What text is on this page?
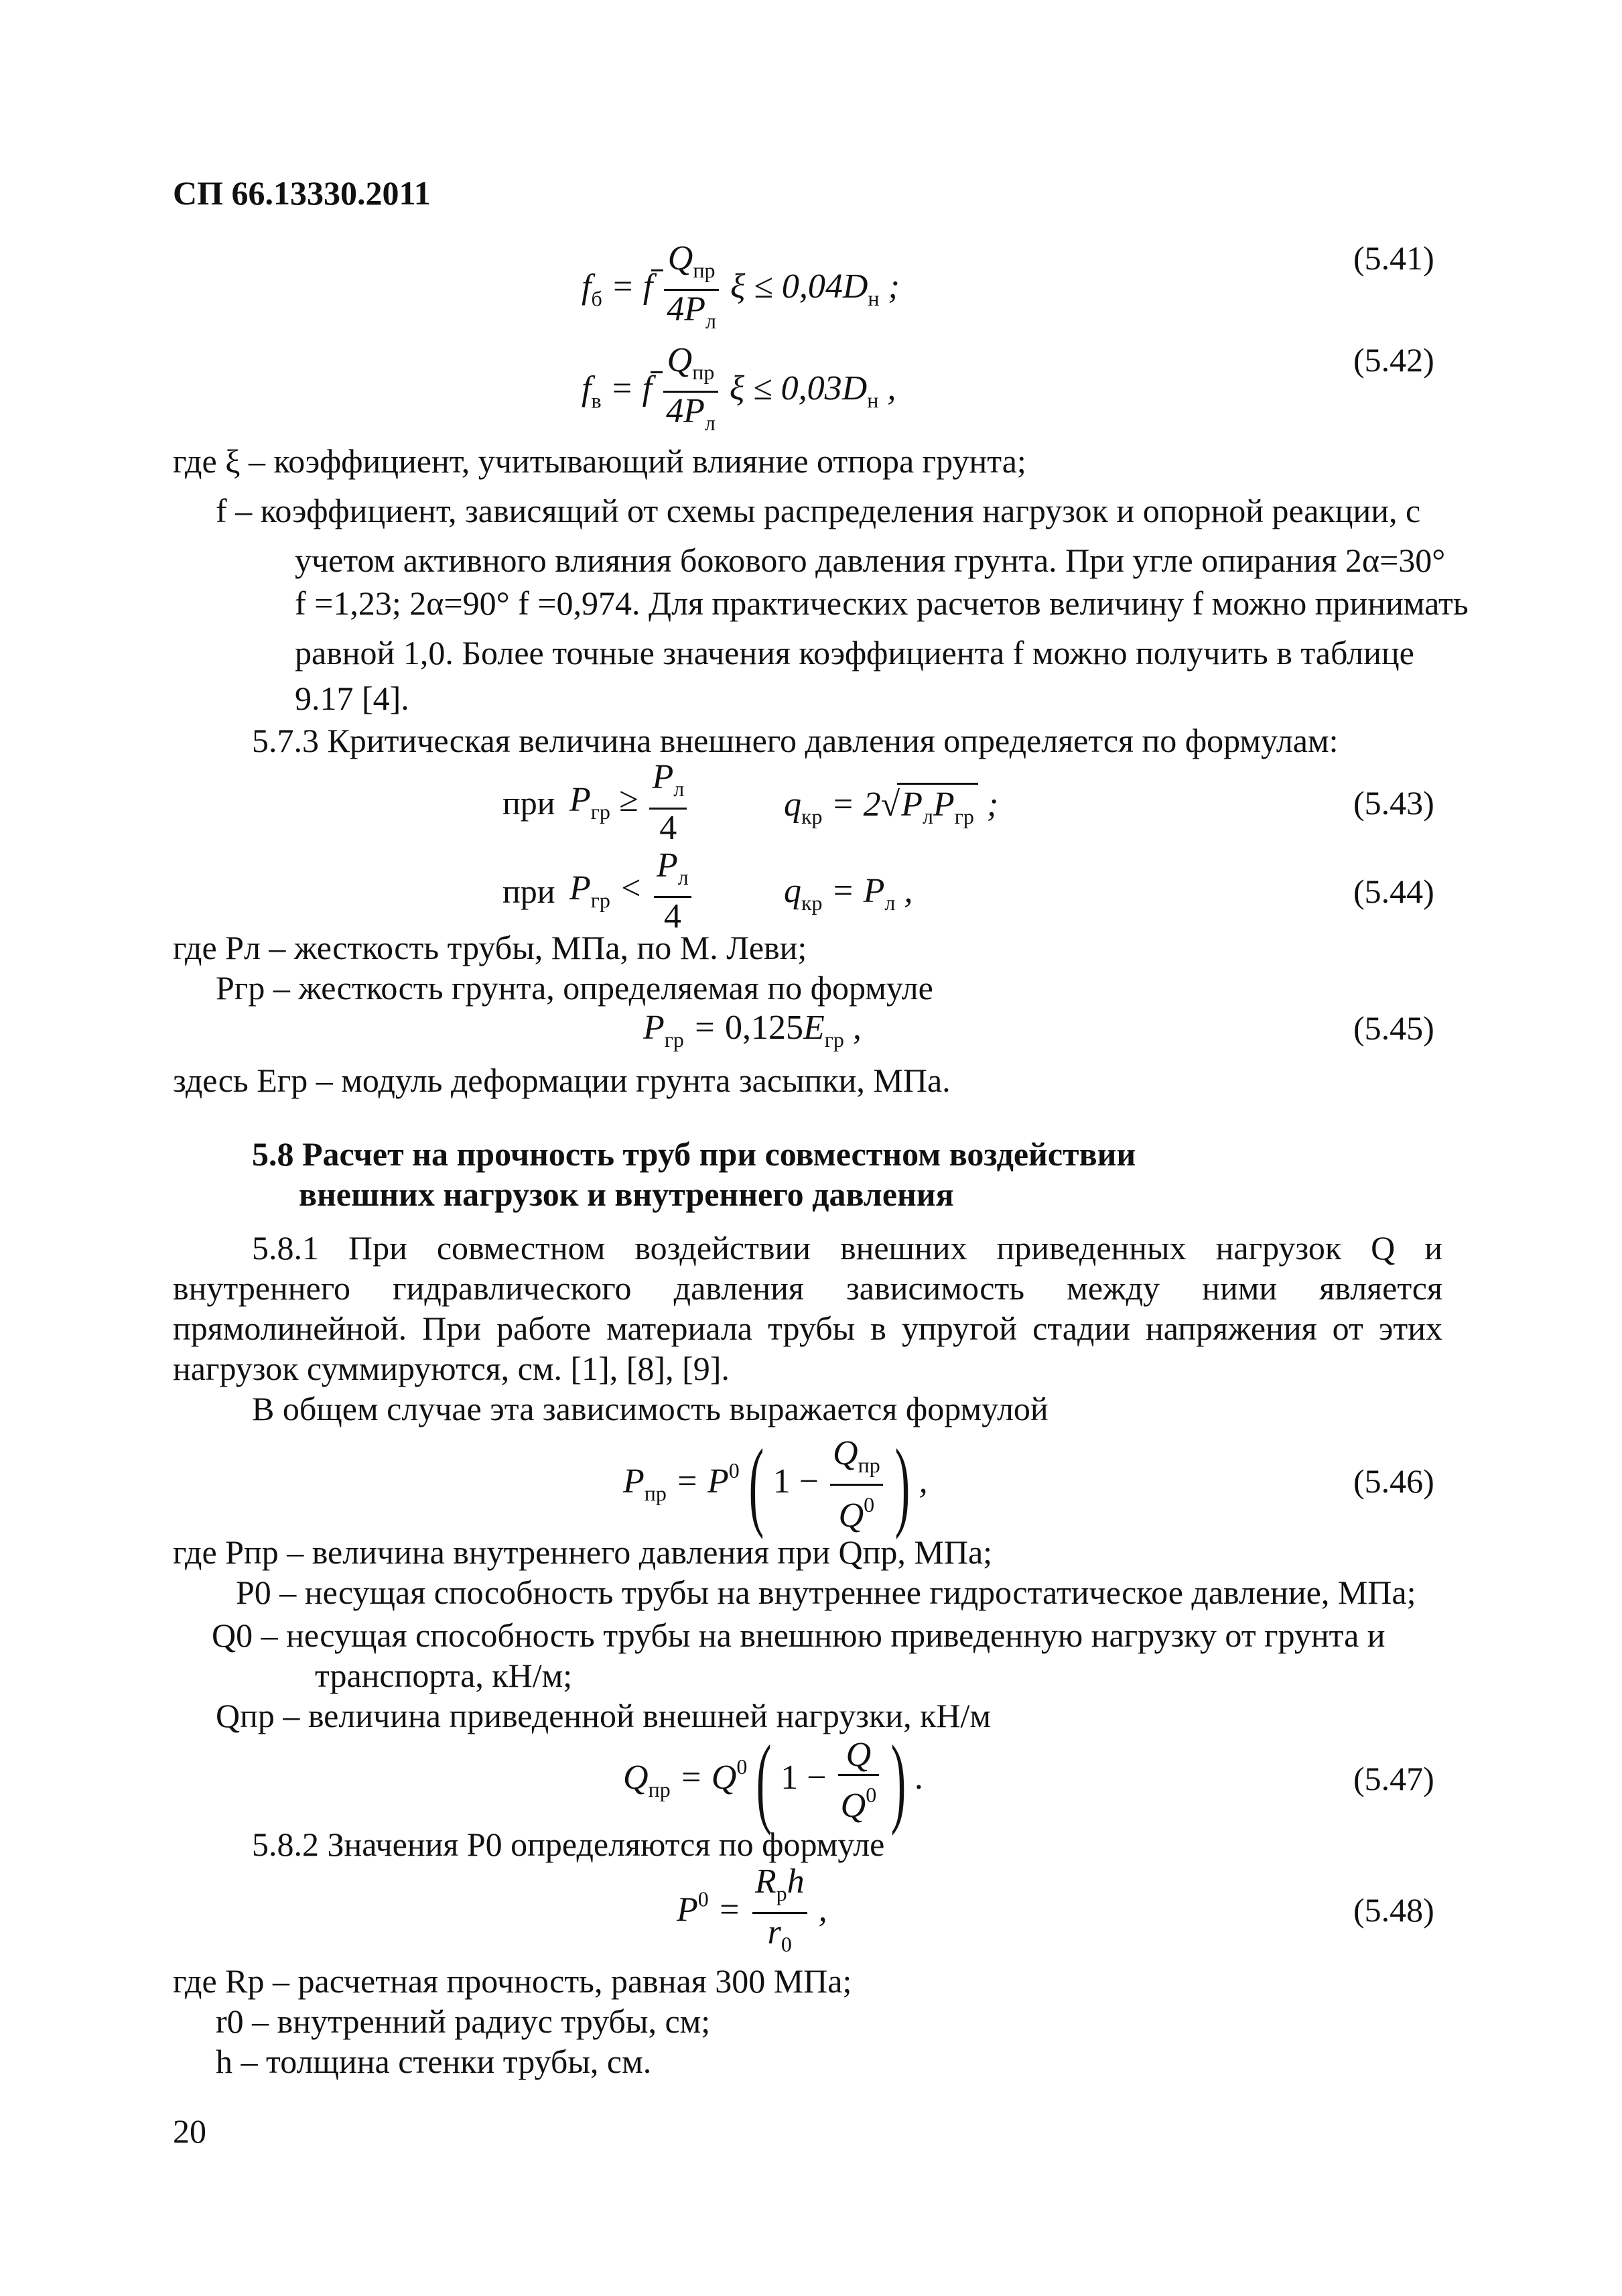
СП 66.13330.2011
$f_б = f \frac{Q_{пр}}{4P_л}$ $\xi \le 0,04D_н$ ;
(5.41)
$f_в = f \frac{Q_{пр}}{4P_л}$ $\xi \le 0,03D_н$ ,
(5.42)
где ξ – коэффициент, учитывающий влияние отпора грунта;
f – коэффициент, зависящий от схемы распределения нагрузок и опорной реакции, с
учетом активного влияния бокового давления грунта. При угле опирания 2α=30°
f =1,23; 2α=90° f =0,974. Для практических расчетов величину f можно принимать
равной 1,0. Более точные значения коэффициента f можно получить в таблице
9.17 [4].
5.7.3 Критическая величина внешнего давления определяется по формулам:
при $P_{гр} \ge \frac{P_л}{4}$	$q_{кр} = 2√P_лP_{гр}$ ;	(5.43)
при $P_{гр} < \frac{P_л}{4}$	$q_{кр} = P_л$ ,	(5.44)
где Pл – жесткость трубы, МПа, по М. Леви;
Pгр – жесткость грунта, определяемая по формуле
$P_{гр} = 0,125E_{гр}$ ,	(5.45)
здесь Eгр – модуль деформации грунта засыпки, МПа.
5.8 Расчет на прочность труб при совместном воздействии
внешних нагрузок и внутреннего давления
5.8.1 При совместном воздействии внешних приведенных нагрузок Q и
внутреннего гидравлического давления зависимость между ними является
прямолинейной. При работе материала трубы в упругой стадии напряжения от этих
нагрузок суммируются, см. [1], [8], [9].
В общем случае эта зависимость выражается формулой
$P_{пр} = P^0$( $1 - \frac{Q_{пр}}{Q^0}$ ) ,	(5.46)
где Pпр – величина внутреннего давления при Qпр, МПа;
P0 – несущая способность трубы на внутреннее гидростатическое давление, МПа;
Q0 – несущая способность трубы на внешнюю приведенную нагрузку от грунта и
транспорта, кН/м;
Qпр – величина приведенной внешней нагрузки, кН/м
$Q_{пр} = Q^0$( $1 - \frac{Q}{Q^0}$ ) .	(5.47)
5.8.2 Значения P0 определяются по формуле
$P^0 = \frac{R_рh}{r_0}$ ,	(5.48)
где Rр – расчетная прочность, равная 300 МПа;
r0 – внутренний радиус трубы, см;
h – толщина стенки трубы, см.
20
